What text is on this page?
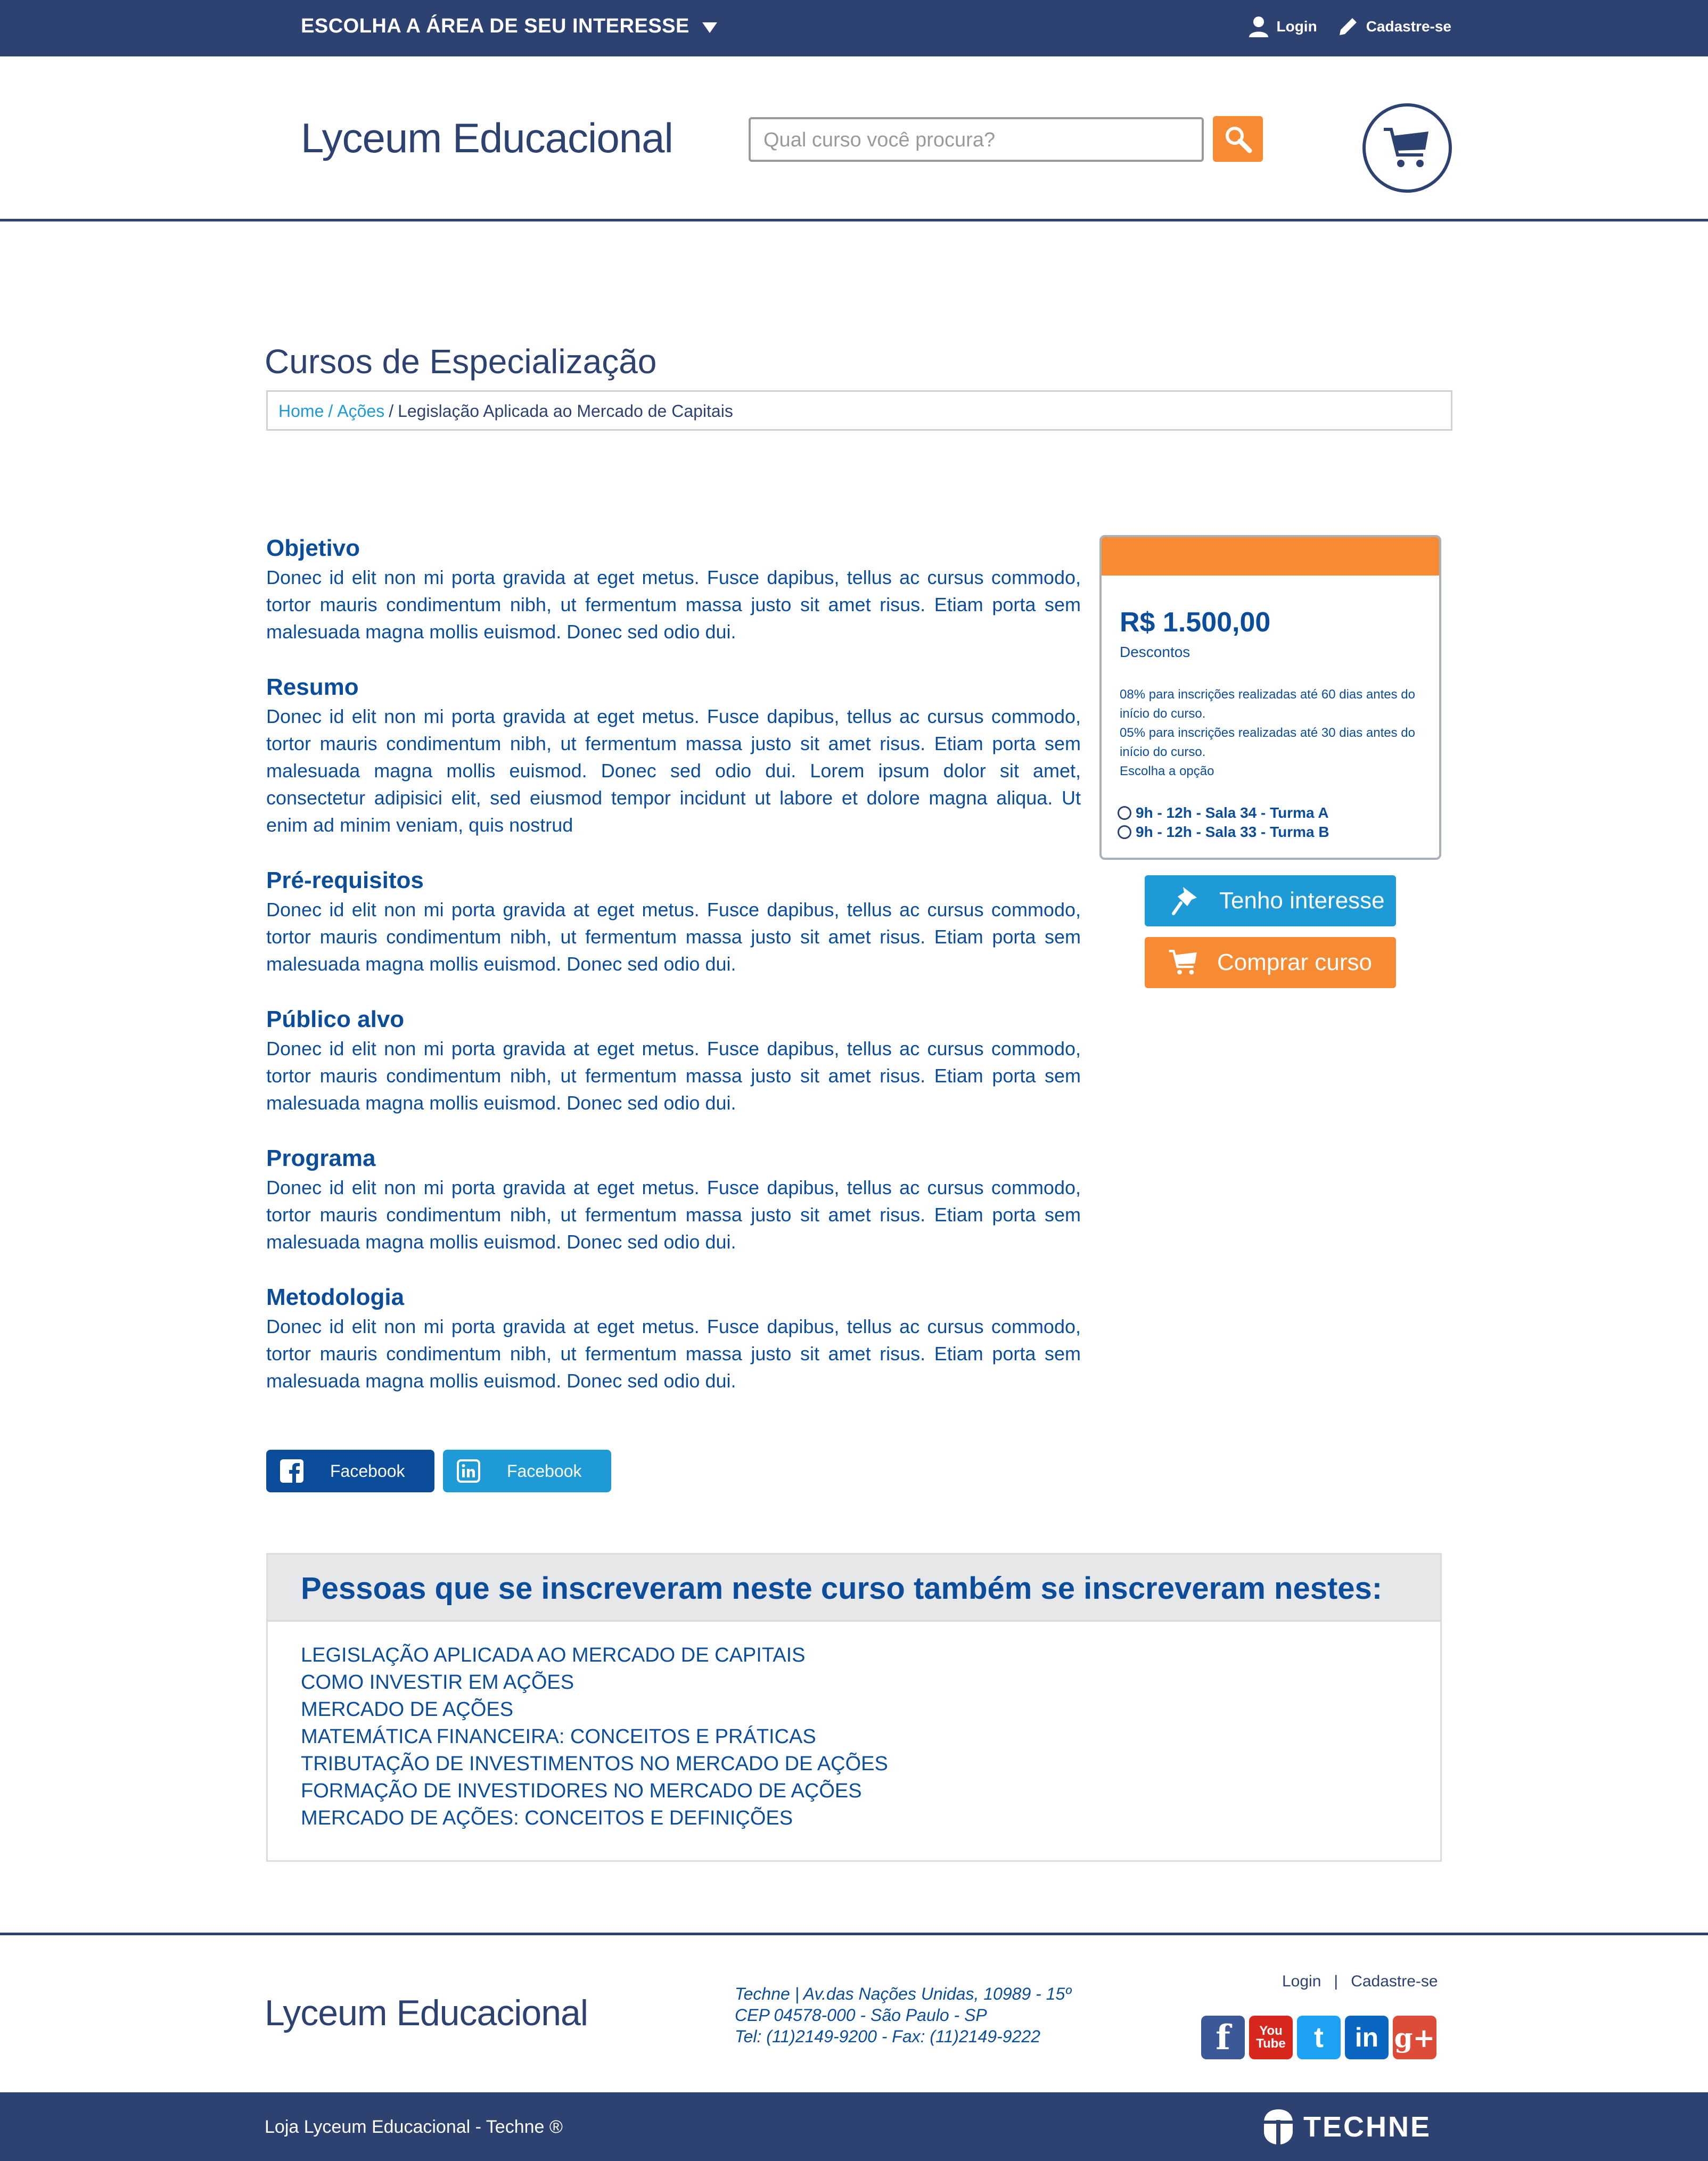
ESCOLHA A ÁREA DE SEU INTERESSE	Login	Cadastre-se
Lyceum Educacional	Qual curso você procura?
Cursos de Especialização
Home / Ações / Legislação Aplicada ao Mercado de Capitais
Objetivo

Donec id elit non mi porta gravida at eget metus. Fusce dapibus, tellus ac cursus commodo, tortor mauris condimentum nibh, ut fermentum massa justo sit amet risus. Etiam porta sem malesuada magna mollis euismod. Donec sed odio dui.

Resumo

Donec id elit non mi porta gravida at eget metus. Fusce dapibus, tellus ac cursus commodo, tortor mauris condimentum nibh, ut fermentum massa justo sit amet risus. Etiam porta sem malesuada magna mollis euismod. Donec sed odio dui. Lorem ipsum dolor sit amet, consectetur adipisici elit, sed eiusmod tempor incidunt ut labore et dolore magna aliqua. Ut enim ad minim veniam, quis nostrud

Pré-requisitos

Donec id elit non mi porta gravida at eget metus. Fusce dapibus, tellus ac cursus commodo, tortor mauris condimentum nibh, ut fermentum massa justo sit amet risus. Etiam porta sem malesuada magna mollis euismod. Donec sed odio dui.

Público alvo

Donec id elit non mi porta gravida at eget metus. Fusce dapibus, tellus ac cursus commodo, tortor mauris condimentum nibh, ut fermentum massa justo sit amet risus. Etiam porta sem malesuada magna mollis euismod. Donec sed odio dui.

Programa

Donec id elit non mi porta gravida at eget metus. Fusce dapibus, tellus ac cursus commodo, tortor mauris condimentum nibh, ut fermentum massa justo sit amet risus. Etiam porta sem malesuada magna mollis euismod. Donec sed odio dui.

Metodologia

Donec id elit non mi porta gravida at eget metus. Fusce dapibus, tellus ac cursus commodo, tortor mauris condimentum nibh, ut fermentum massa justo sit amet risus. Etiam porta sem malesuada magna mollis euismod. Donec sed odio dui.

R$ 1.500,00
Descontos
08% para inscrições realizadas até 60 dias antes do início do curso.
05% para inscrições realizadas até 30 dias antes do início do curso.
Escolha a opção
9h - 12h - Sala 34 - Turma A
9h - 12h - Sala 33 - Turma B
Tenho interesse
Comprar curso
Facebook	Facebook
Pessoas que se inscreveram neste curso também se inscreveram nestes:
LEGISLAÇÃO APLICADA AO MERCADO DE CAPITAIS
COMO INVESTIR EM AÇÕES
MERCADO DE AÇÕES
MATEMÁTICA FINANCEIRA: CONCEITOS E PRÁTICAS
TRIBUTAÇÃO DE INVESTIMENTOS NO MERCADO DE AÇÕES
FORMAÇÃO DE INVESTIDORES NO MERCADO DE AÇÕES
MERCADO DE AÇÕES: CONCEITOS E DEFINIÇÕES
Lyceum Educacional	Techne | Av.das Nações Unidas, 10989 - 15º
CEP 04578-000 - São Paulo - SP
Tel: (11)2149-9200 - Fax: (11)2149-9222
Login | Cadastre-se
f	You Tube t	in g+
Loja Lyceum Educacional - Techne ®	TECHNE
